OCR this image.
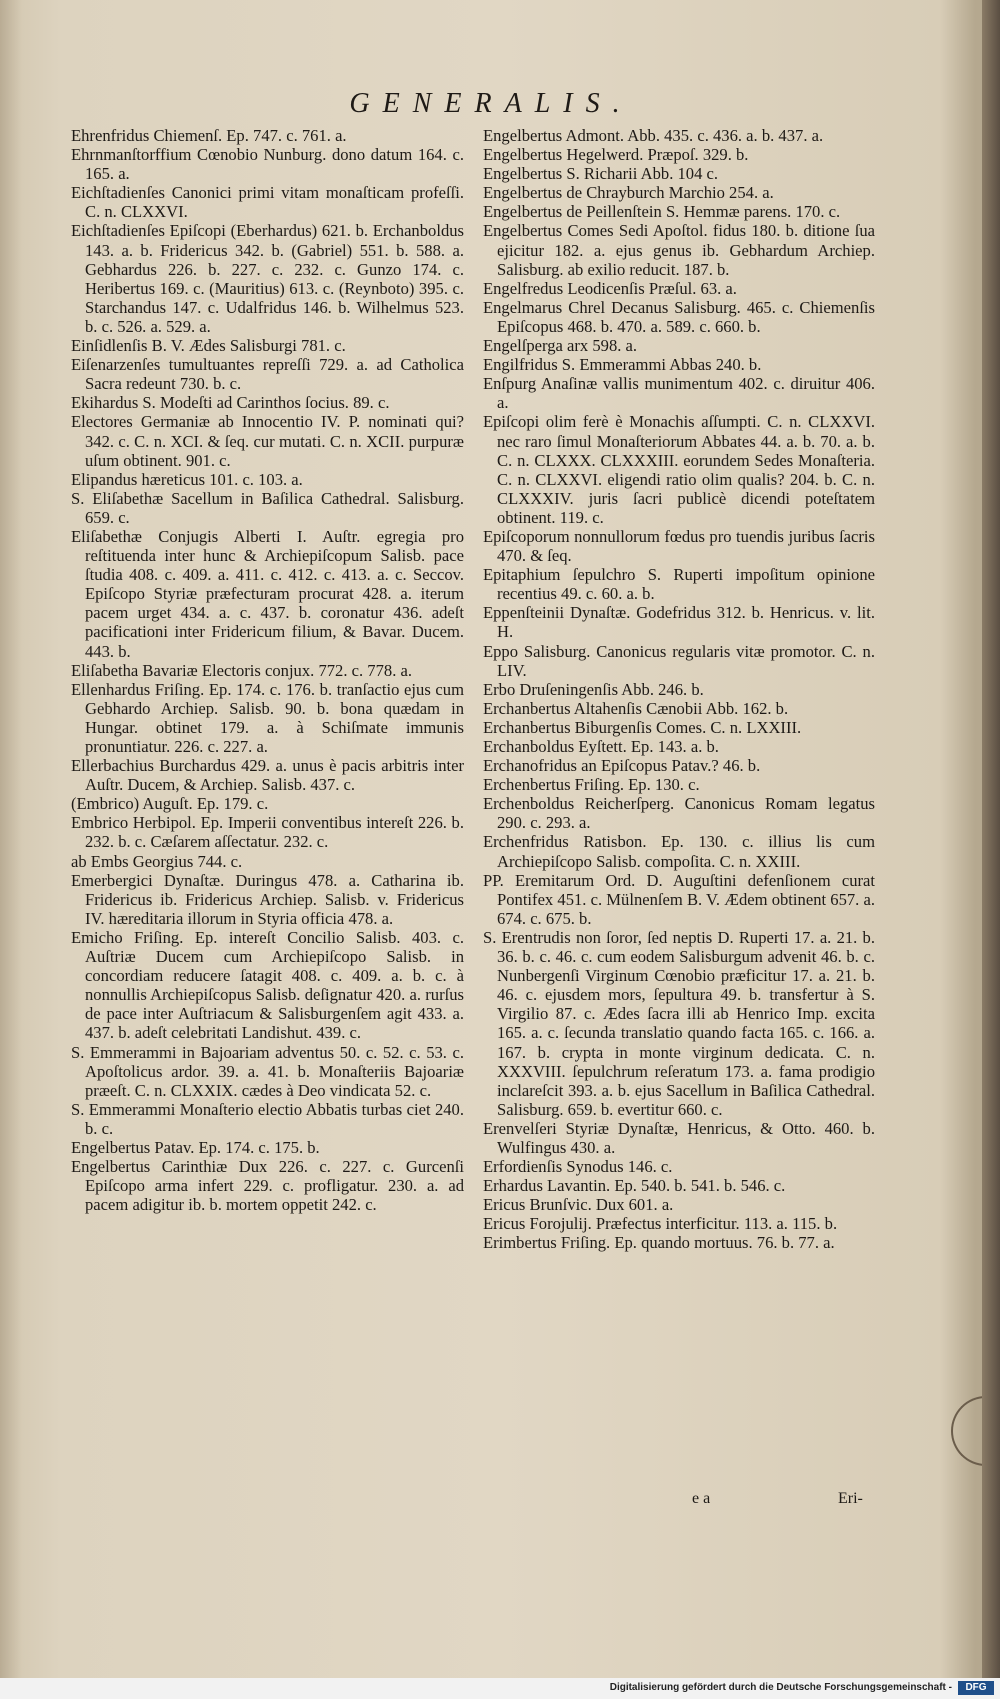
GENERALIS.
Ehrenfridus Chiemenſ. Ep. 747. c. 761. a.
Ehrnmanſtorffium Cœnobio Nunburg. dono datum 164. c. 165. a.
Eichſtadienſes Canonici primi vitam monaſticam profeſſi. C. n. CLXXVI.
Eichſtadienſes Epiſcopi (Eberhardus) 621. b. Erchanboldus 143. a. b. Fridericus 342. b. (Gabriel) 551. b. 588. a. Gebhardus 226. b. 227. c. 232. c. Gunzo 174. c. Heribertus 169. c. (Mauritius) 613. c. (Reynboto) 395. c. Starchandus 147. c. Udalfridus 146. b. Wilhelmus 523. b. c. 526. a. 529. a.
Einſidlenſis B. V. Ædes Salisburgi 781. c.
Eiſenarzenſes tumultuantes repreſſi 729. a. ad Catholica Sacra redeunt 730. b. c.
Ekihardus S. Modeſti ad Carinthos ſocius. 89. c.
Electores Germaniæ ab Innocentio IV. P. nominati qui? 342. c. C. n. XCI. & ſeq. cur mutati. C. n. XCII. purpuræ uſum obtinent. 901. c.
Elipandus hæreticus 101. c. 103. a.
S. Eliſabethæ Sacellum in Baſilica Cathedral. Salisburg. 659. c.
Eliſabethæ Conjugis Alberti I. Auſtr. egregia pro reſtituenda inter hunc & Archiepiſcopum Salisb. pace ſtudia 408. c. 409. a. 411. c. 412. c. 413. a. c. Seccov. Epiſcopo Styriæ præfecturam procurat 428. a. iterum pacem urget 434. a. c. 437. b. coronatur 436. adeſt pacificationi inter Fridericum filium, & Bavar. Ducem. 443. b.
Eliſabetha Bavariæ Electoris conjux. 772. c. 778. a.
Ellenhardus Friſing. Ep. 174. c. 176. b. tranſactio ejus cum Gebhardo Archiep. Salisb. 90. b. bona quædam in Hungar. obtinet 179. a. à Schiſmate immunis pronuntiatur. 226. c. 227. a.
Ellerbachius Burchardus 429. a. unus è pacis arbitris inter Auſtr. Ducem, & Archiep. Salisb. 437. c.
(Embrico) Auguſt. Ep. 179. c.
Embrico Herbipol. Ep. Imperii conventibus intereſt 226. b. 232. b. c. Cæſarem aſſectatur. 232. c.
ab Embs Georgius 744. c.
Emerbergici Dynaſtæ. Duringus 478. a. Catharina ib. Fridericus ib. Fridericus Archiep. Salisb. v. Fridericus IV. hæreditaria illorum in Styria officia 478. a.
Emicho Friſing. Ep. intereſt Concilio Salisb. 403. c. Auſtriæ Ducem cum Archiepiſcopo Salisb. in concordiam reducere ſatagit 408. c. 409. a. b. c. à nonnullis Archiepiſcopus Salisb. deſignatur 420. a. rurſus de pace inter Auſtriacum & Salisburgenſem agit 433. a. 437. b. adeſt celebritati Landishut. 439. c.
S. Emmerammi in Bajoariam adventus 50. c. 52. c. 53. c. Apoſtolicus ardor. 39. a. 41. b. Monaſteriis Bajoariæ præeſt. C. n. CLXXIX. cædes à Deo vindicata 52. c.
S. Emmerammi Monaſterio electio Abbatis turbas ciet 240. b. c.
Engelbertus Patav. Ep. 174. c. 175. b.
Engelbertus Carinthiæ Dux 226. c. 227. c. Gurcenſi Epiſcopo arma infert 229. c. profligatur. 230. a. ad pacem adigitur ib. b. mortem oppetit 242. c.
Engelbertus Admont. Abb. 435. c. 436. a. b. 437. a.
Engelbertus Hegelwerd. Præpoſ. 329. b.
Engelbertus S. Richarii Abb. 104 c.
Engelbertus de Chrayburch Marchio 254. a.
Engelbertus de Peillenſtein S. Hemmæ parens. 170. c.
Engelbertus Comes Sedi Apoſtol. fidus 180. b. ditione ſua ejicitur 182. a. ejus genus ib. Gebhardum Archiep. Salisburg. ab exilio reducit. 187. b.
Engelfredus Leodicenſis Præſul. 63. a.
Engelmarus Chrel Decanus Salisburg. 465. c. Chiemenſis Epiſcopus 468. b. 470. a. 589. c. 660. b.
Engelſperga arx 598. a.
Engilfridus S. Emmerammi Abbas 240. b.
Enſpurg Anaſinæ vallis munimentum 402. c. diruitur 406. a.
Epiſcopi olim ferè è Monachis aſſumpti. C. n. CLXXVI. nec raro ſimul Monaſteriorum Abbates 44. a. b. 70. a. b. C. n. CLXXX. CLXXXIII. eorundem Sedes Monaſteria. C. n. CLXXVI. eligendi ratio olim qualis? 204. b. C. n. CLXXXIV. juris ſacri publicè dicendi poteſtatem obtinent. 119. c.
Epiſcoporum nonnullorum fœdus pro tuendis juribus ſacris 470. & ſeq.
Epitaphium ſepulchro S. Ruperti impoſitum opinione recentius 49. c. 60. a. b.
Eppenſteinii Dynaſtæ. Godefridus 312. b. Henricus. v. lit. H.
Eppo Salisburg. Canonicus regularis vitæ promotor. C. n. LIV.
Erbo Druſeningenſis Abb. 246. b.
Erchanbertus Altahenſis Cænobii Abb. 162. b.
Erchanbertus Biburgenſis Comes. C. n. LXXIII.
Erchanboldus Eyſtett. Ep. 143. a. b.
Erchanofridus an Epiſcopus Patav.? 46. b.
Erchenbertus Friſing. Ep. 130. c.
Erchenboldus Reicherſperg. Canonicus Romam legatus 290. c. 293. a.
Erchenfridus Ratisbon. Ep. 130. c. illius lis cum Archiepiſcopo Salisb. compoſita. C. n. XXIII.
PP. Eremitarum Ord. D. Auguſtini defenſionem curat Pontifex 451. c. Mülnenſem B. V. Ædem obtinent 657. a. 674. c. 675. b.
S. Erentrudis non ſoror, ſed neptis D. Ruperti 17. a. 21. b. 36. b. c. 46. c. cum eodem Salisburgum advenit 46. b. c. Nunbergenſi Virginum Cœnobio præficitur 17. a. 21. b. 46. c. ejusdem mors, ſepultura 49. b. transfertur à S. Virgilio 87. c. Ædes ſacra illi ab Henrico Imp. excita 165. a. c. ſecunda translatio quando facta 165. c. 166. a. 167. b. crypta in monte virginum dedicata. C. n. XXXVIII. ſepulchrum reſeratum 173. a. fama prodigio inclareſcit 393. a. b. ejus Sacellum in Baſilica Cathedral. Salisburg. 659. b. evertitur 660. c.
Erenvelſeri Styriæ Dynaſtæ, Henricus, & Otto. 460. b. Wulfingus 430. a.
Erfordienſis Synodus 146. c.
Erhardus Lavantin. Ep. 540. b. 541. b. 546. c.
Ericus Brunſvic. Dux 601. a.
Ericus Forojulij. Præfectus interficitur. 113. a. 115. b.
Erimbertus Friſing. Ep. quando mortuus. 76. b. 77. a.
e a	Eri-
Digitalisierung gefördert durch die Deutsche Forschungsgemeinschaft -	DFG
